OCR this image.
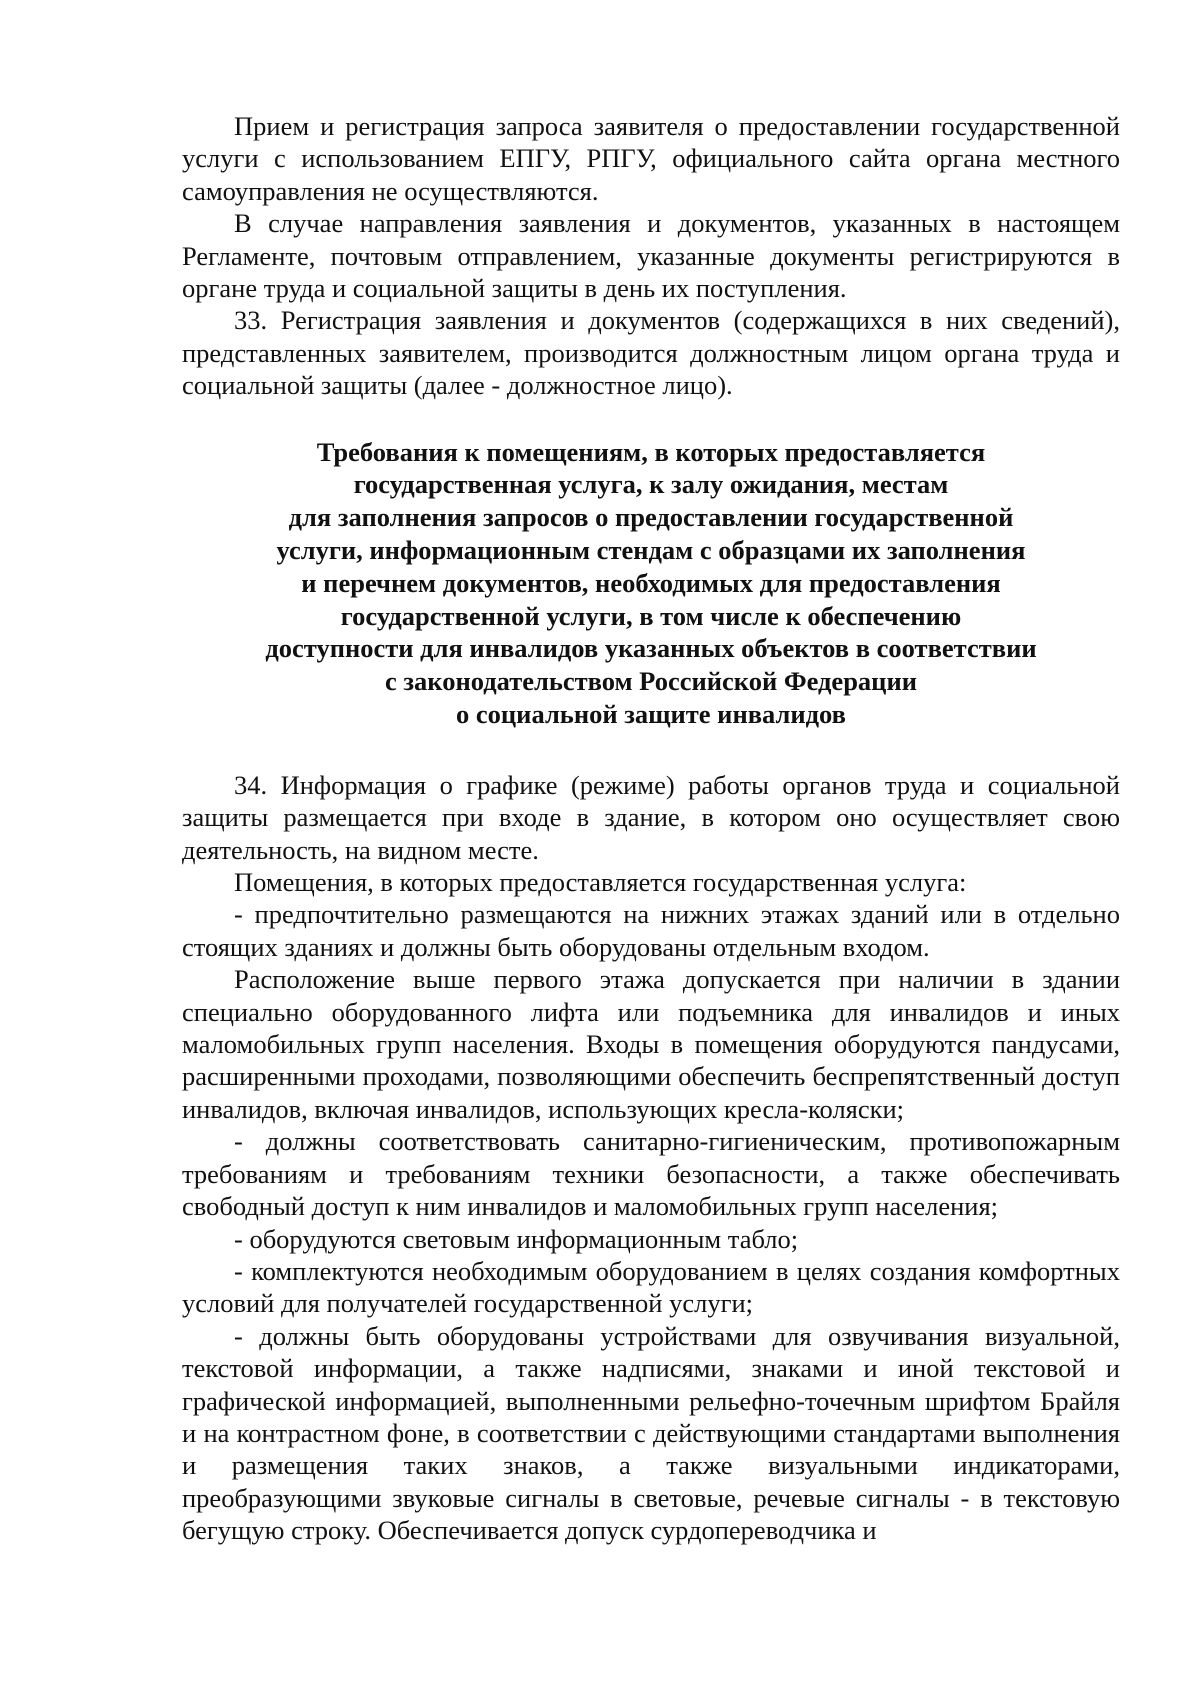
Прием и регистрация запроса заявителя о предоставлении государственной услуги с использованием ЕПГУ, РПГУ, официального сайта органа местного самоуправления не осуществляются.

В случае направления заявления и документов, указанных в настоящем Регламенте, почтовым отправлением, указанные документы регистрируются в органе труда и социальной защиты в день их поступления.

33. Регистрация заявления и документов (содержащихся в них сведений), представленных заявителем, производится должностным лицом органа труда и социальной защиты (далее - должностное лицо).

Требования к помещениям, в которых предоставляется
государственная услуга, к залу ожидания, местам
для заполнения запросов о предоставлении государственной
услуги, информационным стендам с образцами их заполнения
и перечнем документов, необходимых для предоставления
государственной услуги, в том числе к обеспечению
доступности для инвалидов указанных объектов в соответствии
с законодательством Российской Федерации
о социальной защите инвалидов

34. Информация о графике (режиме) работы органов труда и социальной защиты размещается при входе в здание, в котором оно осуществляет свою деятельность, на видном месте.

Помещения, в которых предоставляется государственная услуга:

- предпочтительно размещаются на нижних этажах зданий или в отдельно стоящих зданиях и должны быть оборудованы отдельным входом.

Расположение выше первого этажа допускается при наличии в здании специально оборудованного лифта или подъемника для инвалидов и иных маломобильных групп населения. Входы в помещения оборудуются пандусами, расширенными проходами, позволяющими обеспечить беспрепятственный доступ инвалидов, включая инвалидов, использующих кресла-коляски;

- должны соответствовать санитарно-гигиеническим, противопожарным требованиям и требованиям техники безопасности, а также обеспечивать свободный доступ к ним инвалидов и маломобильных групп населения;

- оборудуются световым информационным табло;

- комплектуются необходимым оборудованием в целях создания комфортных условий для получателей государственной услуги;

- должны быть оборудованы устройствами для озвучивания визуальной, текстовой информации, а также надписями, знаками и иной текстовой и графической информацией, выполненными рельефно-точечным шрифтом Брайля и на контрастном фоне, в соответствии с действующими стандартами выполнения и размещения таких знаков, а также визуальными индикаторами, преобразующими звуковые сигналы в световые, речевые сигналы - в текстовую бегущую строку. Обеспечивается допуск сурдопереводчика и
